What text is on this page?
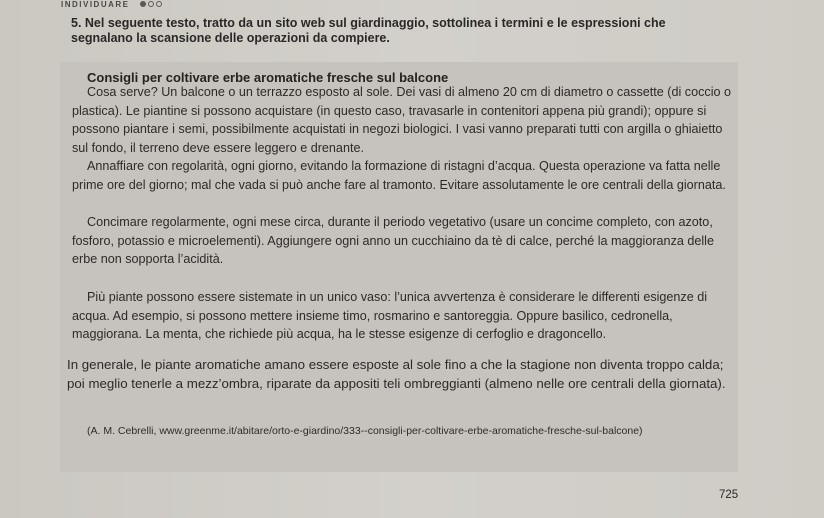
INDIVIDUARE
5. Nel seguente testo, tratto da un sito web sul giardinaggio, sottolinea i termini e le espressioni che segnalano la scansione delle operazioni da compiere.
Consigli per coltivare erbe aromatiche fresche sul balcone

Cosa serve? Un balcone o un terrazzo esposto al sole. Dei vasi di almeno 20 cm di diametro o cassette (di coccio o plastica). Le piantine si possono acquistare (in questo caso, travasarle in contenitori appena più grandi); oppure si possono piantare i semi, possibilmente acquistati in negozi biologici. I vasi vanno preparati tutti con argilla o ghiaietto sul fondo, il terreno deve essere leggero e drenante.

Annaffiare con regolarità, ogni giorno, evitando la formazione di ristagni d’acqua. Questa operazione va fatta nelle prime ore del giorno; mal che vada si può anche fare al tramonto. Evitare assolutamente le ore centrali della giornata.

Concimare regolarmente, ogni mese circa, durante il periodo vegetativo (usare un concime completo, con azoto, fosforo, potassio e microelementi). Aggiungere ogni anno un cucchiaino da tè di calce, perché la maggioranza delle erbe non sopporta l’acidità.

Più piante possono essere sistemate in un unico vaso: l’unica avvertenza è considerare le differenti esigenze di acqua. Ad esempio, si possono mettere insieme timo, rosmarino e santoreggia. Oppure basilico, cedronella, maggiorana. La menta, che richiede più acqua, ha le stesse esigenze di cerfoglio e dragoncello.

In generale, le piante aromatiche amano essere esposte al sole fino a che la stagione non diventa troppo calda; poi meglio tenerle a mezz’ombra, riparate da appositi teli ombreggianti (almeno nelle ore centrali della giornata).

(A. M. Cebrelli, www.greenme.it/abitare/orto-e-giardino/333--consigli-per-coltivare-erbe-aromatiche-fresche-sul-balcone)
725
